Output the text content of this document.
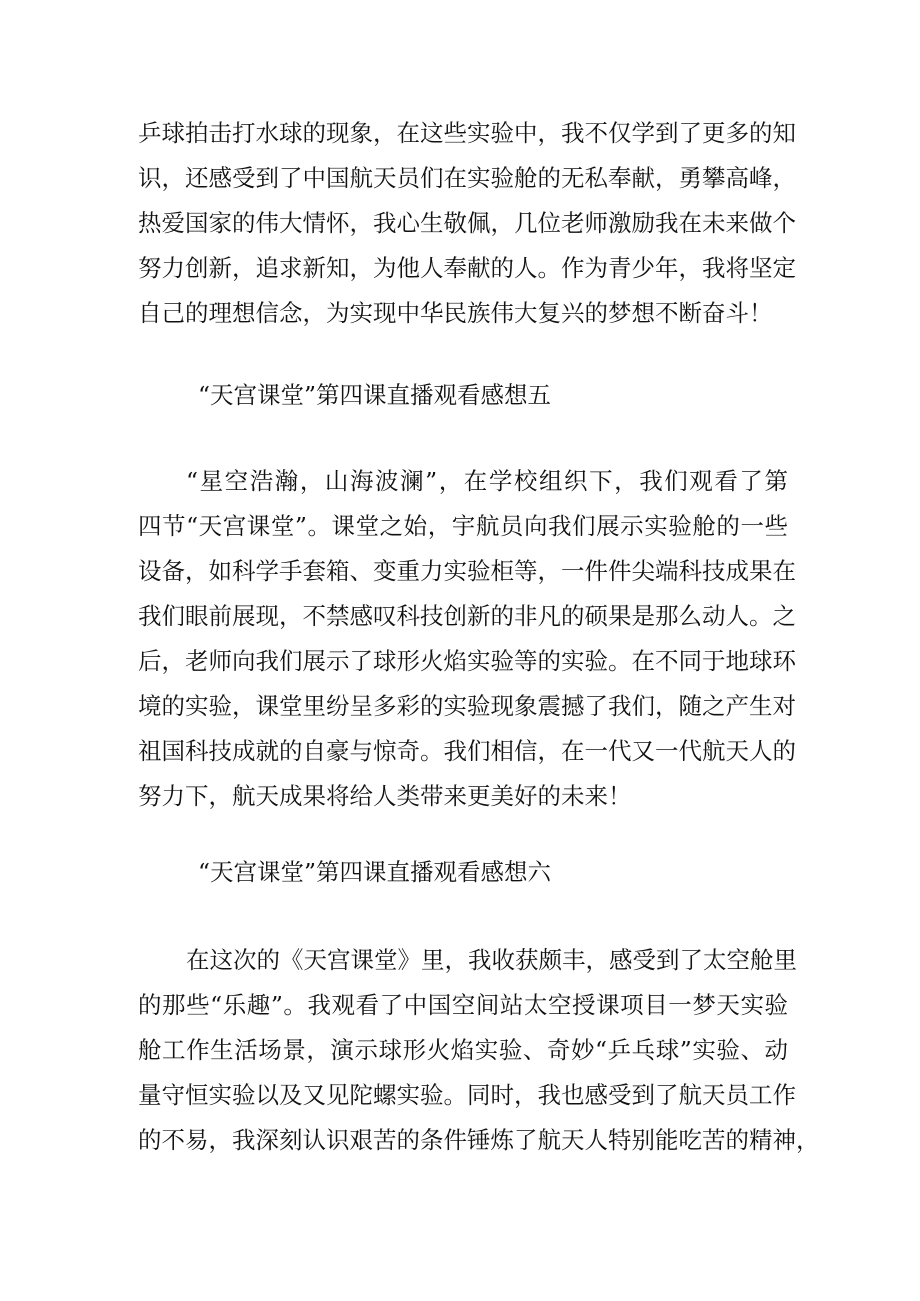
乒球拍击打水球的现象，在这些实验中，我不仅学到了更多的知
识，还感受到了中国航天员们在实验舱的无私奉献，勇攀高峰，
热爱国家的伟大情怀，我心生敬佩，几位老师激励我在未来做个
努力创新，追求新知，为他人奉献的人。作为青少年，我将坚定
自己的理想信念，为实现中华民族伟大复兴的梦想不断奋斗！
“天宫课堂”第四课直播观看感想五
“星空浩瀚，山海波澜”，在学校组织下，我们观看了第
四节“天宫课堂”。课堂之始，宇航员向我们展示实验舱的一些
设备，如科学手套箱、变重力实验柜等，一件件尖端科技成果在
我们眼前展现，不禁感叹科技创新的非凡的硕果是那么动人。之
后，老师向我们展示了球形火焰实验等的实验。在不同于地球环
境的实验，课堂里纷呈多彩的实验现象震撼了我们，随之产生对
祖国科技成就的自豪与惊奇。我们相信，在一代又一代航天人的
努力下，航天成果将给人类带来更美好的未来！
“天宫课堂”第四课直播观看感想六
在这次的《天宫课堂》里，我收获颇丰，感受到了太空舱里
的那些“乐趣”。我观看了中国空间站太空授课项目一梦天实验
舱工作生活场景，演示球形火焰实验、奇妙“乒乓球”实验、动
量守恒实验以及又见陀螺实验。同时，我也感受到了航天员工作
的不易，我深刻认识艰苦的条件锤炼了航天人特别能吃苦的精神，
